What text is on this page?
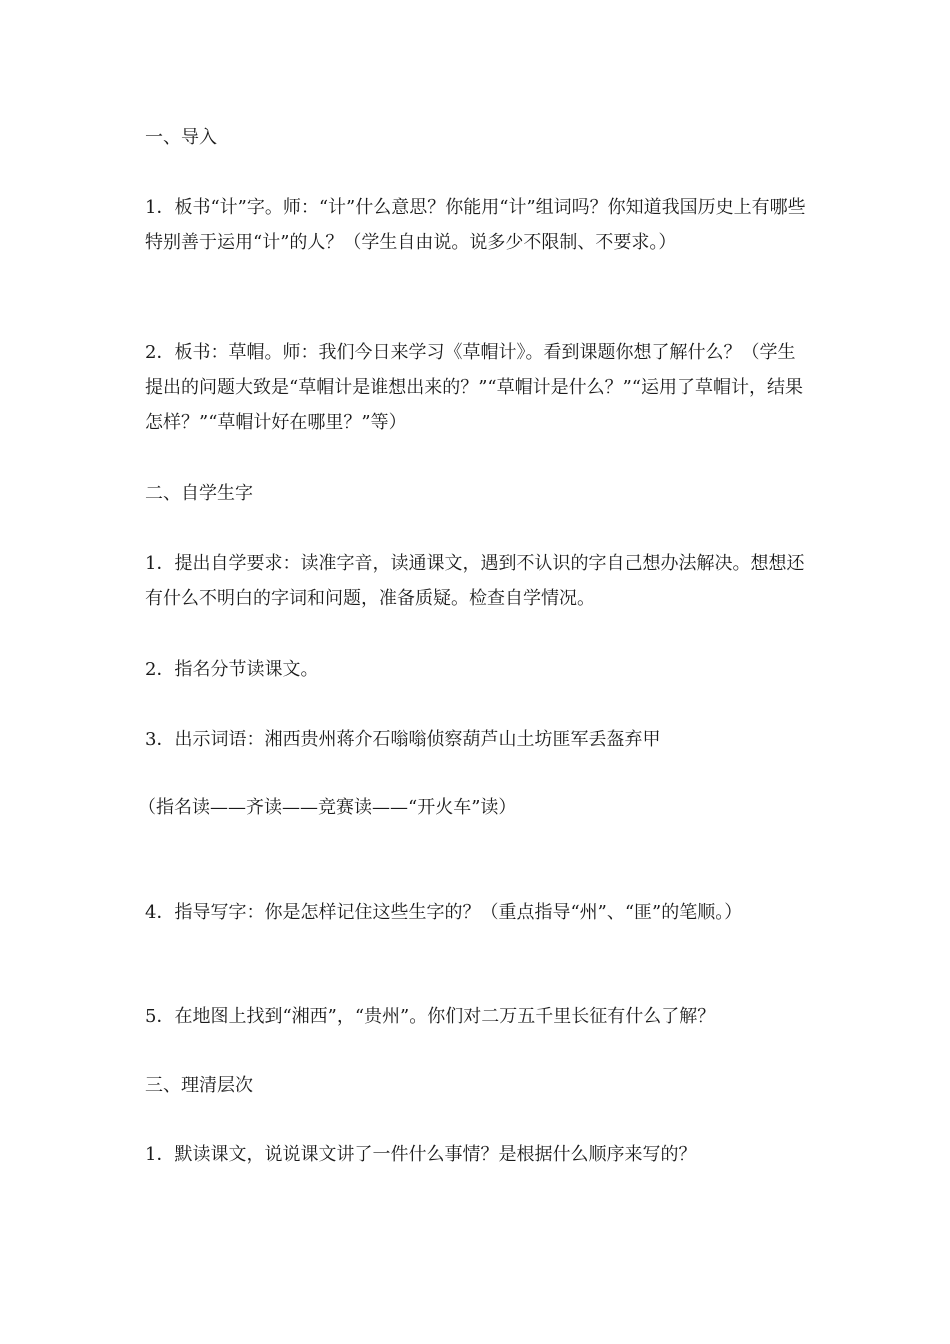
一、导入

1．板书“计”字。师：“计”什么意思？你能用“计”组词吗？你知道我国历史上有哪些特别善于运用“计”的人？（学生自由说。说多少不限制、不要求。）

2．板书：草帽。师：我们今日来学习《草帽计》。看到课题你想了解什么？（学生提出的问题大致是“草帽计是谁想出来的？”“草帽计是什么？”“运用了草帽计，结果怎样？”“草帽计好在哪里？”等）

二、自学生字

1．提出自学要求：读准字音，读通课文，遇到不认识的字自己想办法解决。想想还有什么不明白的字词和问题，准备质疑。检查自学情况。

2．指名分节读课文。

3．出示词语：湘西贵州蒋介石嗡嗡侦察葫芦山土坊匪军丢盔弃甲

（指名读——齐读——竞赛读——“开火车”读）

4．指导写字：你是怎样记住这些生字的？（重点指导“州”、“匪”的笔顺。）

5．在地图上找到“湘西”，“贵州”。你们对二万五千里长征有什么了解？

三、理清层次

1．默读课文，说说课文讲了一件什么事情？是根据什么顺序来写的？
